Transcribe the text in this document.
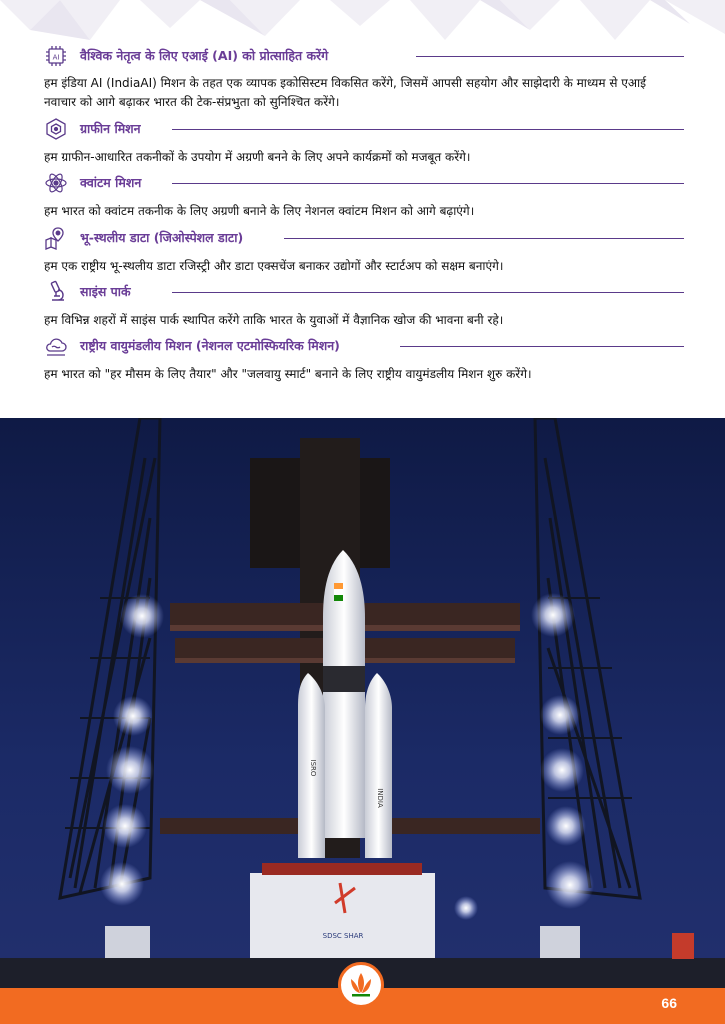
AI वैश्विक नेतृत्व के लिए एआई (AI) को प्रोत्साहित करेंगे
हम इंडिया AI (IndiaAI) मिशन के तहत एक व्यापक इकोसिस्टम विकसित करेंगे, जिसमें आपसी सहयोग और साझेदारी के माध्यम से एआई नवाचार को आगे बढ़ाकर भारत की टेक-संप्रभुता को सुनिश्चित करेंगे।
ग्राफीन मिशन
हम ग्राफीन-आधारित तकनीकों के उपयोग में अग्रणी बनने के लिए अपने कार्यक्रमों को मजबूत करेंगे।
क्वांटम मिशन
हम भारत को क्वांटम तकनीक के लिए अग्रणी बनाने के लिए नेशनल क्वांटम मिशन को आगे बढ़ाएंगे।
भू-स्थलीय डाटा (जिओस्पेशल डाटा)
हम एक राष्ट्रीय भू-स्थलीय डाटा रजिस्ट्री और डाटा एक्सचेंज बनाकर उद्योगों और स्टार्टअप को सक्षम बनाएंगे।
साइंस पार्क
हम विभिन्न शहरों में साइंस पार्क स्थापित करेंगे ताकि भारत के युवाओं में वैज्ञानिक खोज की भावना बनी रहे।
राष्ट्रीय वायुमंडलीय मिशन (नेशनल एटमोस्फियरिक मिशन)
हम भारत को "हर मौसम के लिए तैयार" और "जलवायु स्मार्ट" बनाने के लिए राष्ट्रीय वायुमंडलीय मिशन शुरु करेंगे।
ISRO
INDIA
SDSC SHAR
66
